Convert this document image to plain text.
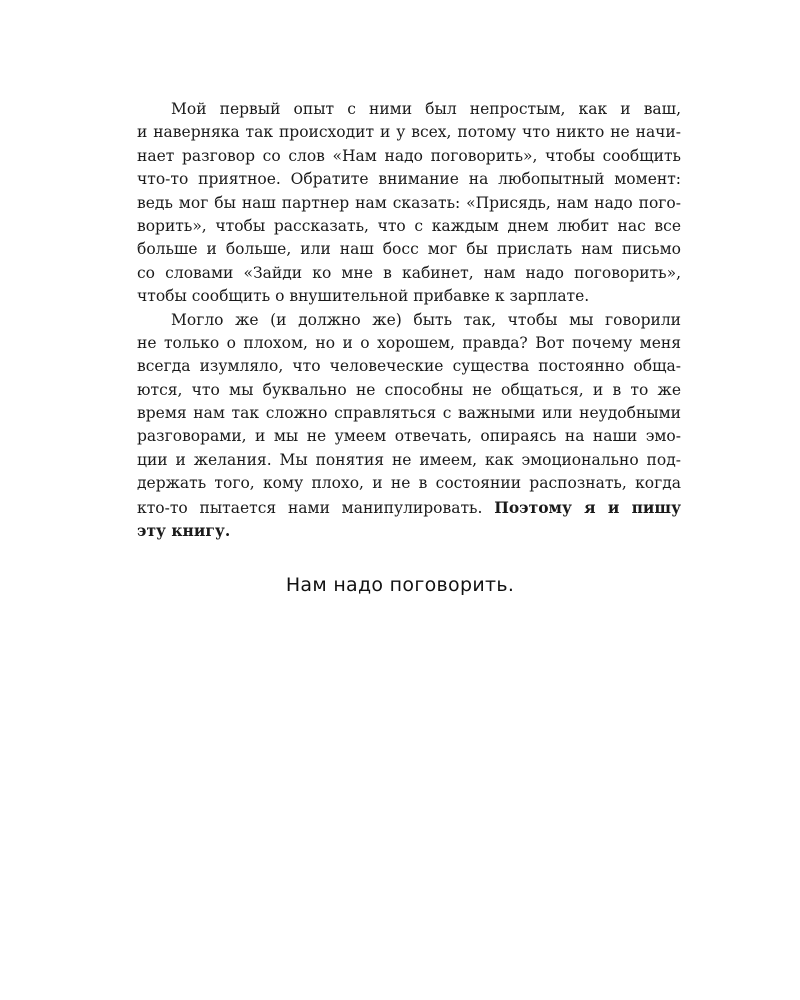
Мой первый опыт с ними был непростым, как и ваш,
и наверняка так происходит и у всех, потому что никто не начи-
нает разговор со слов «Нам надо поговорить», чтобы сообщить
что-то приятное. Обратите внимание на любопытный момент:
ведь мог бы наш партнер нам сказать: «Присядь, нам надо пого-
ворить», чтобы рассказать, что с каждым днем любит нас все
больше и больше, или наш босс мог бы прислать нам письмо
со словами «Зайди ко мне в кабинет, нам надо поговорить»,
чтобы сообщить о внушительной прибавке к зарплате.
Могло же (и должно же) быть так, чтобы мы говорили
не только о плохом, но и о хорошем, правда? Вот почему меня
всегда изумляло, что человеческие существа постоянно обща-
ются, что мы буквально не способны не общаться, и в то же
время нам так сложно справляться с важными или неудобными
разговорами, и мы не умеем отвечать, опираясь на наши эмо-
ции и желания. Мы понятия не имеем, как эмоционально под-
держать того, кому плохо, и не в состоянии распознать, когда
кто-то пытается нами манипулировать. Поэтому я и пишу
эту книгу.

Нам надо поговорить.
